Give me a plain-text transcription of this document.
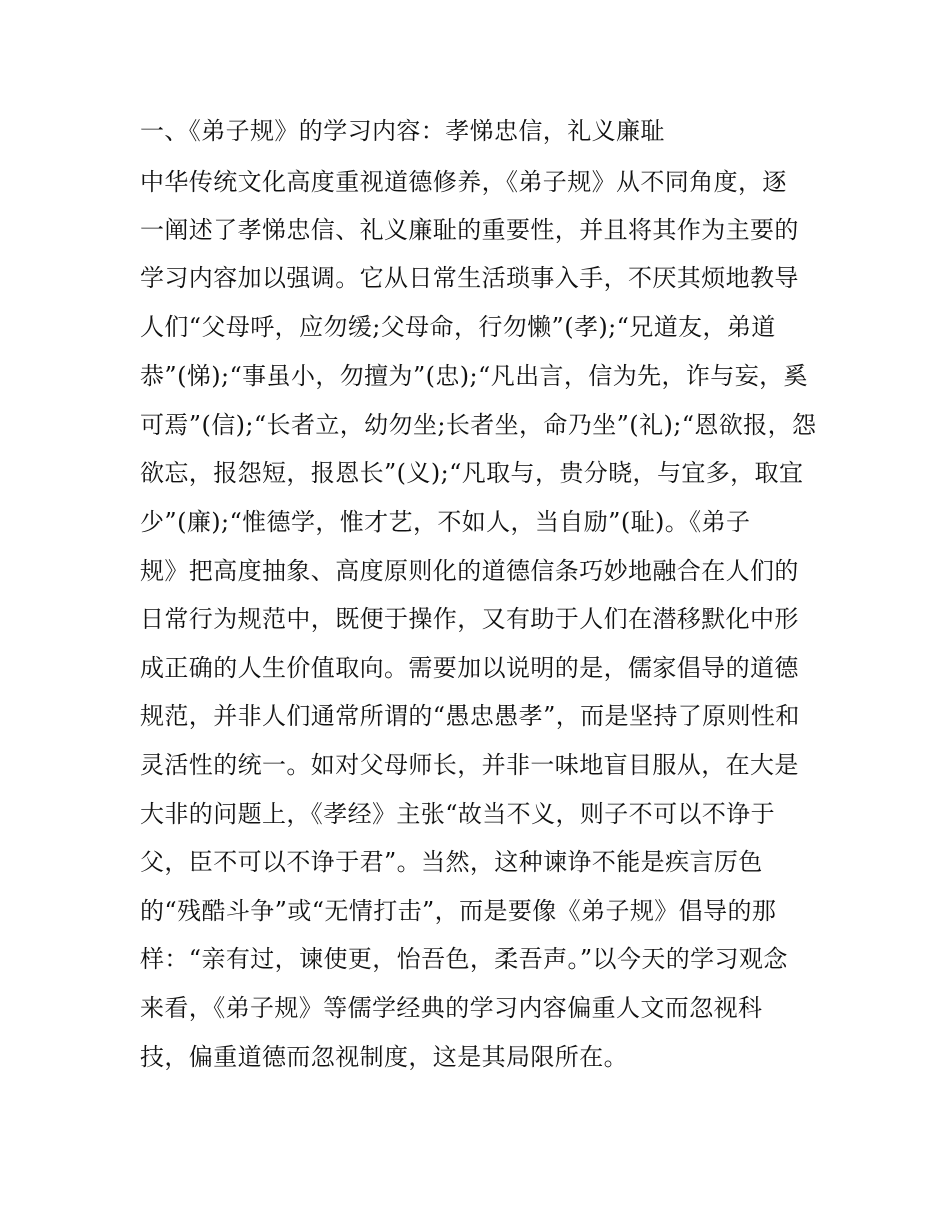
一、《弟子规》的学习内容：孝悌忠信，礼义廉耻
中华传统文化高度重视道德修养，《弟子规》从不同角度，逐
一阐述了孝悌忠信、礼义廉耻的重要性，并且将其作为主要的
学习内容加以强调。它从日常生活琐事入手，不厌其烦地教导
人们“父母呼，应勿缓;父母命，行勿懒”(孝);“兄道友，弟道
恭”(悌);“事虽小，勿擅为”(忠);“凡出言，信为先，诈与妄，奚
可焉”(信);“长者立，幼勿坐;长者坐，命乃坐”(礼);“恩欲报，怨
欲忘，报怨短，报恩长”(义);“凡取与，贵分晓，与宜多，取宜
少”(廉);“惟德学，惟才艺，不如人，当自励”(耻)。《弟子
规》把高度抽象、高度原则化的道德信条巧妙地融合在人们的
日常行为规范中，既便于操作，又有助于人们在潜移默化中形
成正确的人生价值取向。需要加以说明的是，儒家倡导的道德
规范，并非人们通常所谓的“愚忠愚孝”，而是坚持了原则性和
灵活性的统一。如对父母师长，并非一味地盲目服从，在大是
大非的问题上，《孝经》主张“故当不义，则子不可以不诤于
父，臣不可以不诤于君”。当然，这种谏诤不能是疾言厉色
的“残酷斗争”或“无情打击”，而是要像《弟子规》倡导的那
样：“亲有过，谏使更，怡吾色，柔吾声。”以今天的学习观念
来看，《弟子规》等儒学经典的学习内容偏重人文而忽视科
技，偏重道德而忽视制度，这是其局限所在。
